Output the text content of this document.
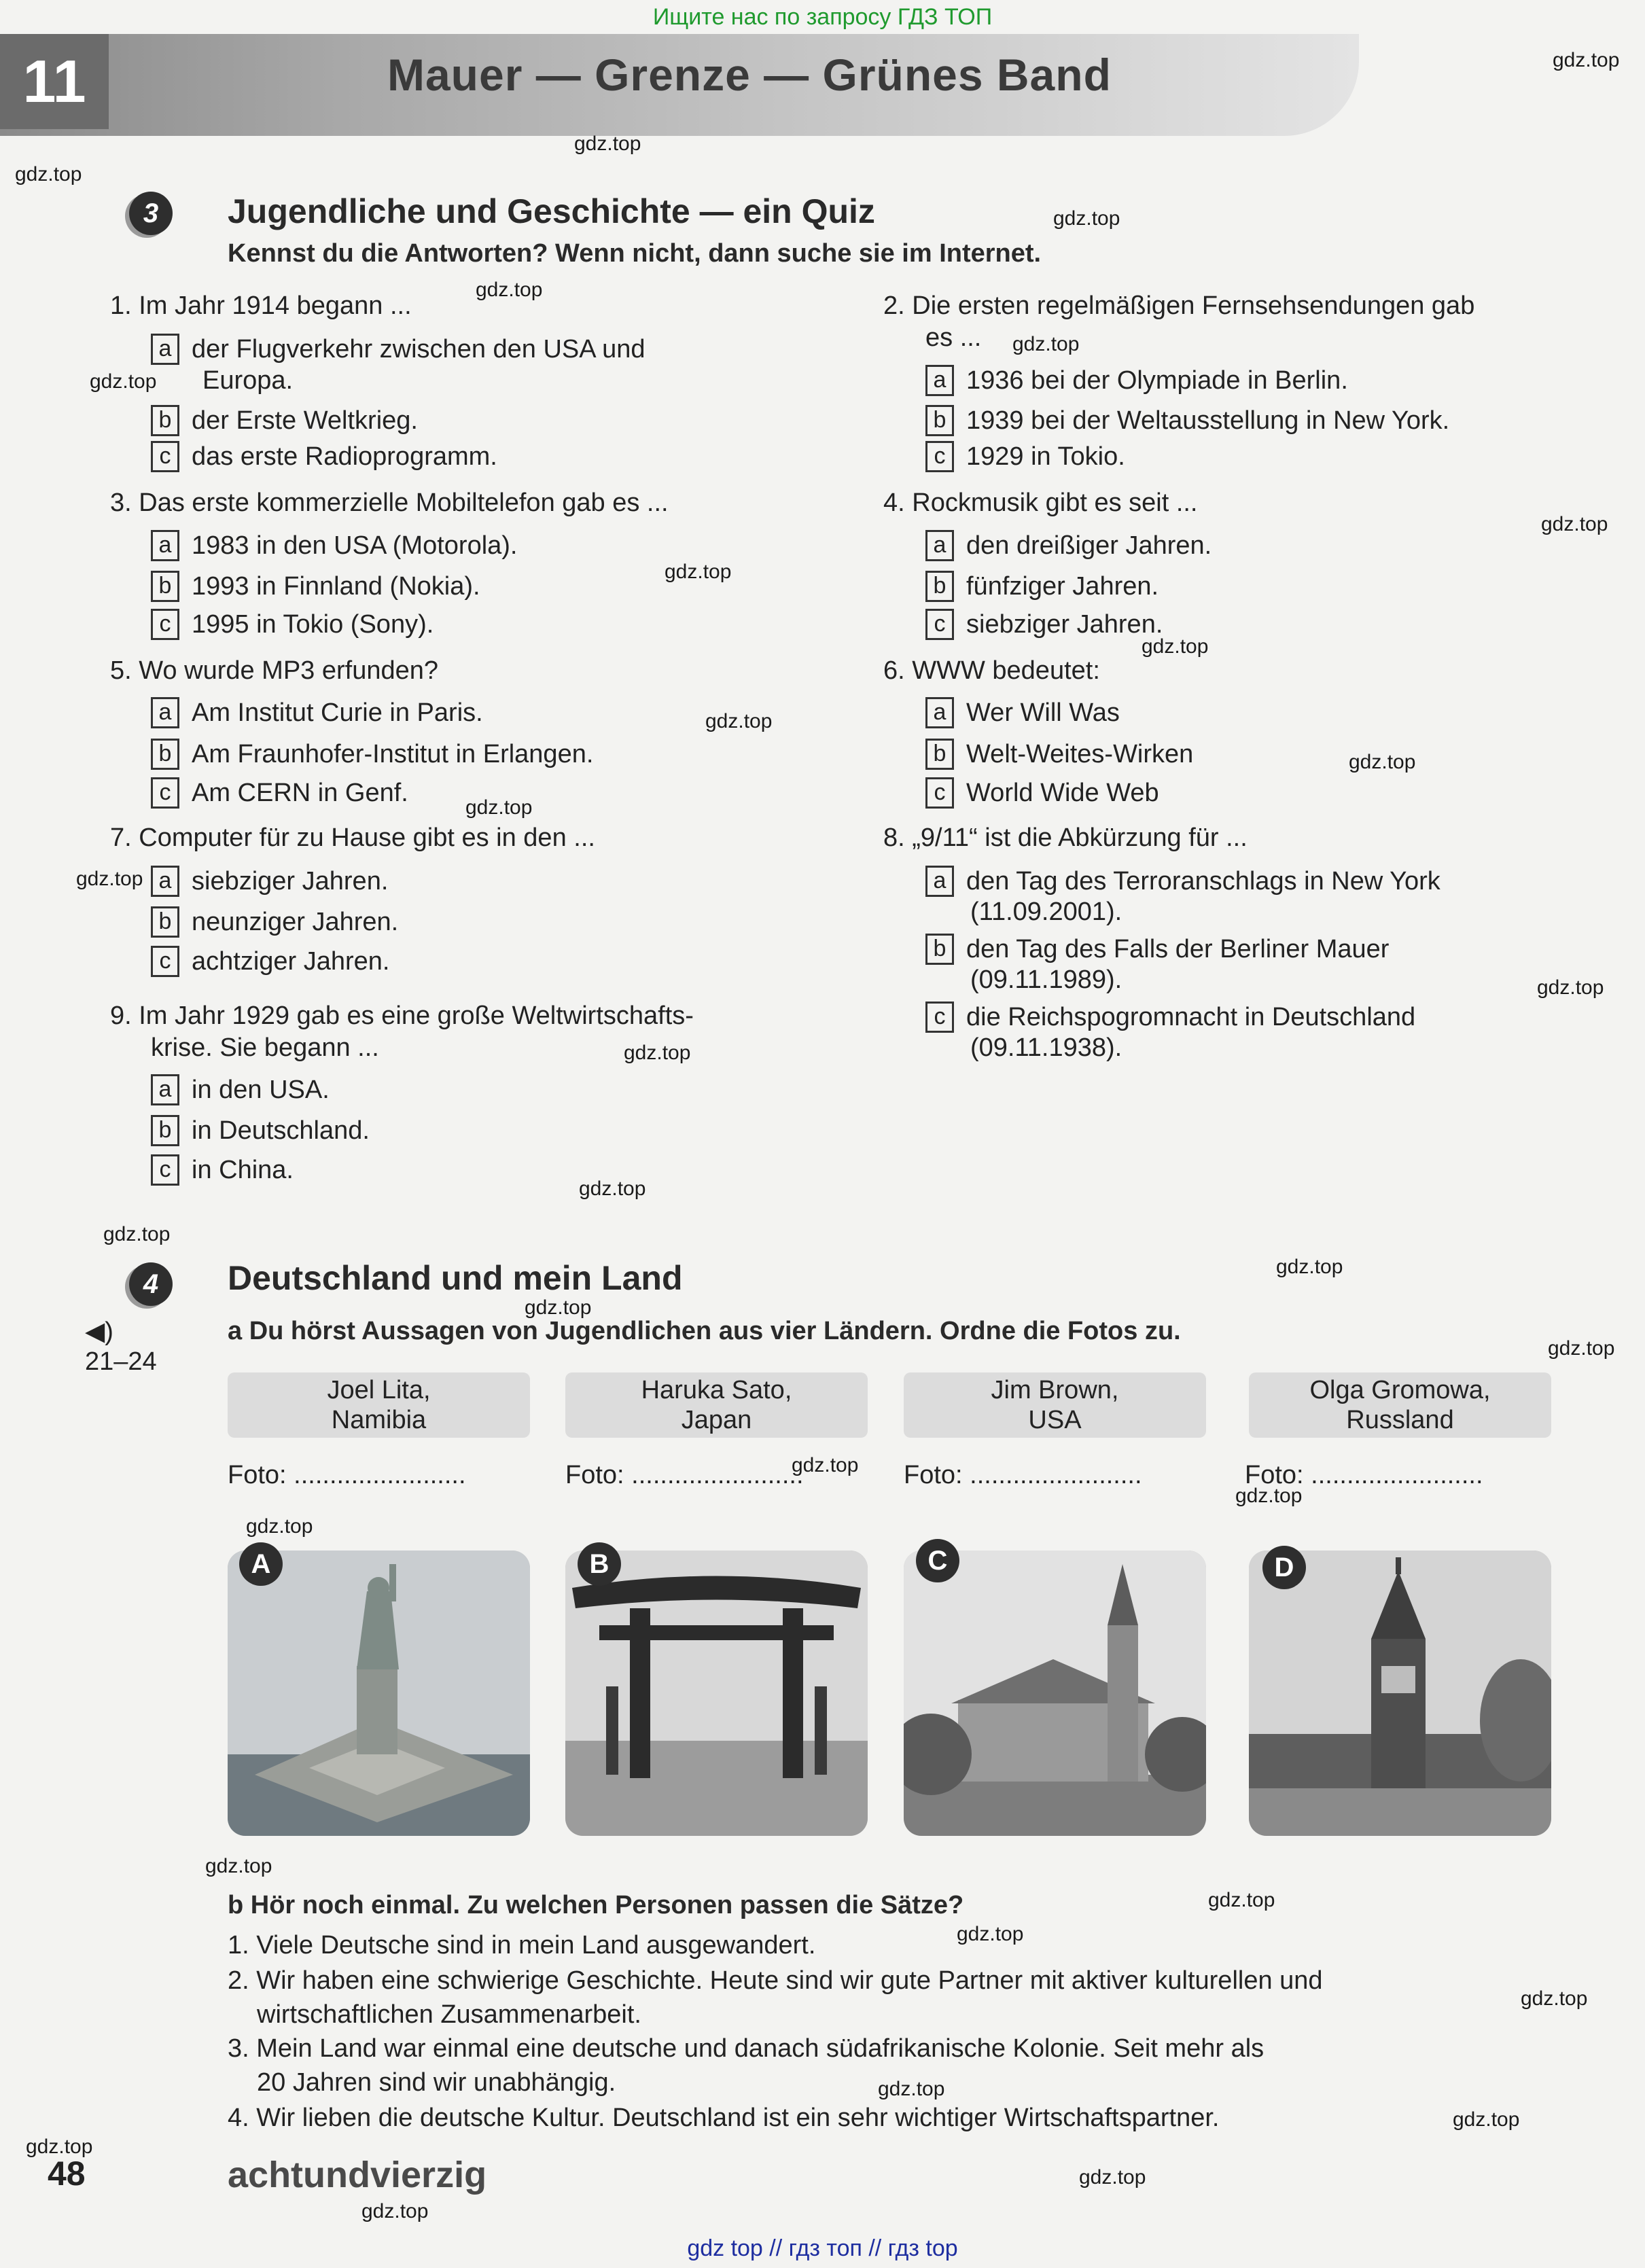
Ищите нас по запросу ГДЗ ТОП
11	Mauer — Grenze — Grünes Band	gdz.top
gdz.top
gdz.top
gdz.top
gdz.top
gdz.top
gdz.top
gdz.top
gdz.top
gdz.top
gdz.top
gdz.top
gdz.top
gdz.top
gdz.top
gdz.top
gdz.top
gdz.top
gdz.top
gdz.top
gdz.top
gdz.top
gdz.top
gdz.top
gdz.top
gdz.top
gdz.top
gdz.top
gdz.top
gdz.top
gdz.top
gdz.top
gdz.top
3	Jugendliche und Geschichte — ein Quiz
Kennst du die Antworten? Wenn nicht, dann suche sie im Internet.
1. Im Jahr 1914 begann ...
a der Flugverkehr zwischen den USA und
Europa.
b der Erste Weltkrieg.
c das erste Radioprogramm.
2. Die ersten regelmäßigen Fernsehsendungen gab
es ...
a 1936 bei der Olympiade in Berlin.
b 1939 bei der Weltausstellung in New York.
c 1929 in Tokio.
3. Das erste kommerzielle Mobiltelefon gab es ...
a 1983 in den USA (Motorola).
b 1993 in Finnland (Nokia).
c 1995 in Tokio (Sony).
4. Rockmusik gibt es seit ...
a den dreißiger Jahren.
b fünfziger Jahren.
c siebziger Jahren.
5. Wo wurde MP3 erfunden?
a Am Institut Curie in Paris.
b Am Fraunhofer-Institut in Erlangen.
c Am CERN in Genf.
6. WWW bedeutet:
a Wer Will Was
b Welt-Weites-Wirken
c World Wide Web
7. Computer für zu Hause gibt es in den ...
a siebziger Jahren.
b neunziger Jahren.
c achtziger Jahren.
8. „9/11“ ist die Abkürzung für ...
a den Tag des Terroranschlags in New York
(11.09.2001).
b den Tag des Falls der Berliner Mauer
(09.11.1989).
c die Reichspogromnacht in Deutschland
(09.11.1938).
9. Im Jahr 1929 gab es eine große Weltwirtschafts-
krise. Sie begann ...
a in den USA.
b in Deutschland.
c in China.
4	Deutschland und mein Land
◀) 21–24
a Du hörst Aussagen von Jugendlichen aus vier Ländern. Ordne die Fotos zu.
Joel Lita,
Namibia
Haruka Sato,
Japan
Jim Brown,
USA
Olga Gromowa,
Russland
Foto: ........................	Foto: ........................	Foto: ........................	Foto: ........................
A	B	C	D
b Hör noch einmal. Zu welchen Personen passen die Sätze?
1. Viele Deutsche sind in mein Land ausgewandert.
2. Wir haben eine schwierige Geschichte. Heute sind wir gute Partner mit aktiver kulturellen und
wirtschaftlichen Zusammenarbeit.
3. Mein Land war einmal eine deutsche und danach südafrikanische Kolonie. Seit mehr als
20 Jahren sind wir unabhängig.
4. Wir lieben die deutsche Kultur. Deutschland ist ein sehr wichtiger Wirtschaftspartner.
48	achtundvierzig
gdz top // гдз топ // гдз top
